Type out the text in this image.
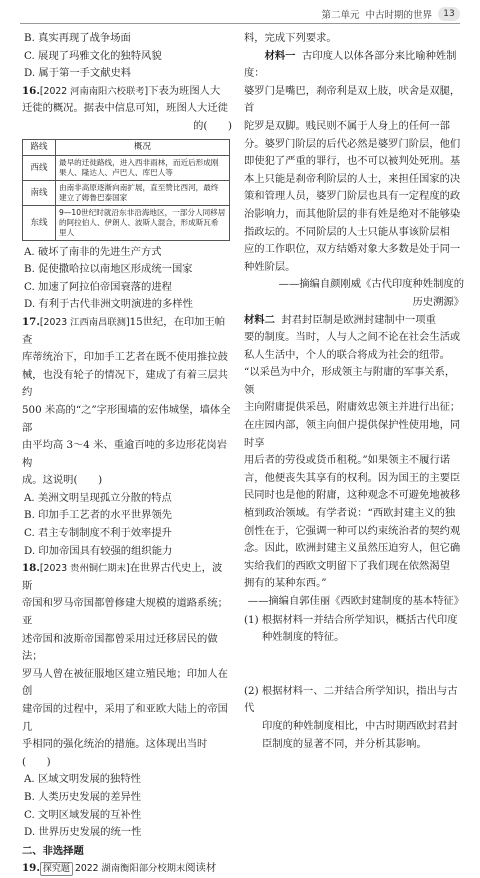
第二单元 中古时期的世界	13
B. 真实再现了战争场面
C. 展现了玛雅文化的独特风貌
D. 属于第一手文献史料
16.[2022 河南南阳六校联考]下表为班图人大
迁徙的概况。据表中信息可知，班图人大迁徙
的(　　)
路线	概况
西线	最早的迁徙路线，进入西非雨林，而近后形成刚果人、隆达人、卢巴人、库巴人等
南线	由南非高原逐渐向南扩展，直至赞比西河，最终建立了姆鲁巴泰国家
东线	9—10世纪时就沿东非沿海地区，一部分人同移居的阿拉伯人、伊朗人、波斯人混合，形成斯瓦希里人
A. 破坏了南非的先进生产方式
B. 促使撒哈拉以南地区形成统一国家
C. 加速了阿拉伯帝国衰落的进程
D. 有利于古代非洲文明演进的多样性
17.[2023 江西南昌联测]15世纪，在印加王帕查
库蒂统治下，印加手工艺者在既不使用推拉鼓
械，也没有轮子的情况下，建成了有着三层共约
500 米高的“之”字形围墙的宏伟城堡，墙体全部
由平均高 3～4 米、重逾百吨的多边形花岗岩构
成。这说明(　　)
A. 美洲文明呈现孤立分散的特点
B. 印加手工艺者的水平世界领先
C. 君主专制制度不利于效率提升
D. 印加帝国具有较强的组织能力
18.[2023 贵州铜仁期末]在世界古代史上，波斯
帝国和罗马帝国都曾修建大规模的道路系统；亚
述帝国和波斯帝国都曾采用过迁移居民的做法；
罗马人曾在被征服地区建立殖民地；印加人在创
建帝国的过程中，采用了和亚欧大陆上的帝国几
乎相同的强化统治的措施。这体现出当时(　　)
A. 区域文明发展的独特性
B. 人类历史发展的差异性
C. 文明区域发展的互补性
D. 世界历史发展的统一性
二、非选择题
19. 探究题 2022 湖南衡阳部分校期末阅读材
料，完成下列要求。
材料一 古印度人以体各部分来比喻种姓制度：
婆罗门是嘴巴，刹帝利是双上肢，吠舍是双腿，首
陀罗是双脚。贱民则不属于人身上的任何一部
分。婆罗门阶层的后代必然是婆罗门阶层，他们
即使犯了严重的罪行，也不可以被判处死刑。基
本上只能是刹帝利阶层的人士，来担任国家的决
策和管理人员，婆罗门阶层也具有一定程度的政
治影响力，而其他阶层的非有姓是绝对不能够染
指政坛的。不同阶层的人士只能从事该阶层相
应的工作职位，双方结婚对象大多数是处于同一
种姓阶层。
——摘编自颜刚威《古代印度种姓制度的
历史溯源》
材料二 封君封臣制是欧洲封建制中一项重
要的制度。当时，人与人之间不论在社会生活或
私人生活中，个人的联合将成为社会的纽带。
“以采邑为中介，形成领主与附庸的军事关系，领
主向附庸提供采邑，附庸效忠领主并进行出征；
在庄园内部，领主向佃户提供保护性使用地，同时享
用后者的劳役或货币租税。”如果领主不履行诺
言，他便丧失其享有的权利。因为国王的主要臣
民同时也是他的附庸，这种观念不可避免地被移
植到政治领域。有学者说：“西欧封建主义的独
创性在于，它强调一种可以约束统治者的契约观
念。因此，欧洲封建主义虽然压迫穷人，但它确
实给我们的西欧文明留下了我们现在依然渴望
拥有的某种东西。”
——摘编自郭佳丽《西欧封建制度的基本特征》
(1) 根据材料一并结合所学知识，概括古代印度
种姓制度的特征。
(2) 根据材料一、二并结合所学知识，指出与古代
印度的种姓制度相比，中古时期西欧封君封
臣制度的显著不同，并分析其影响。
